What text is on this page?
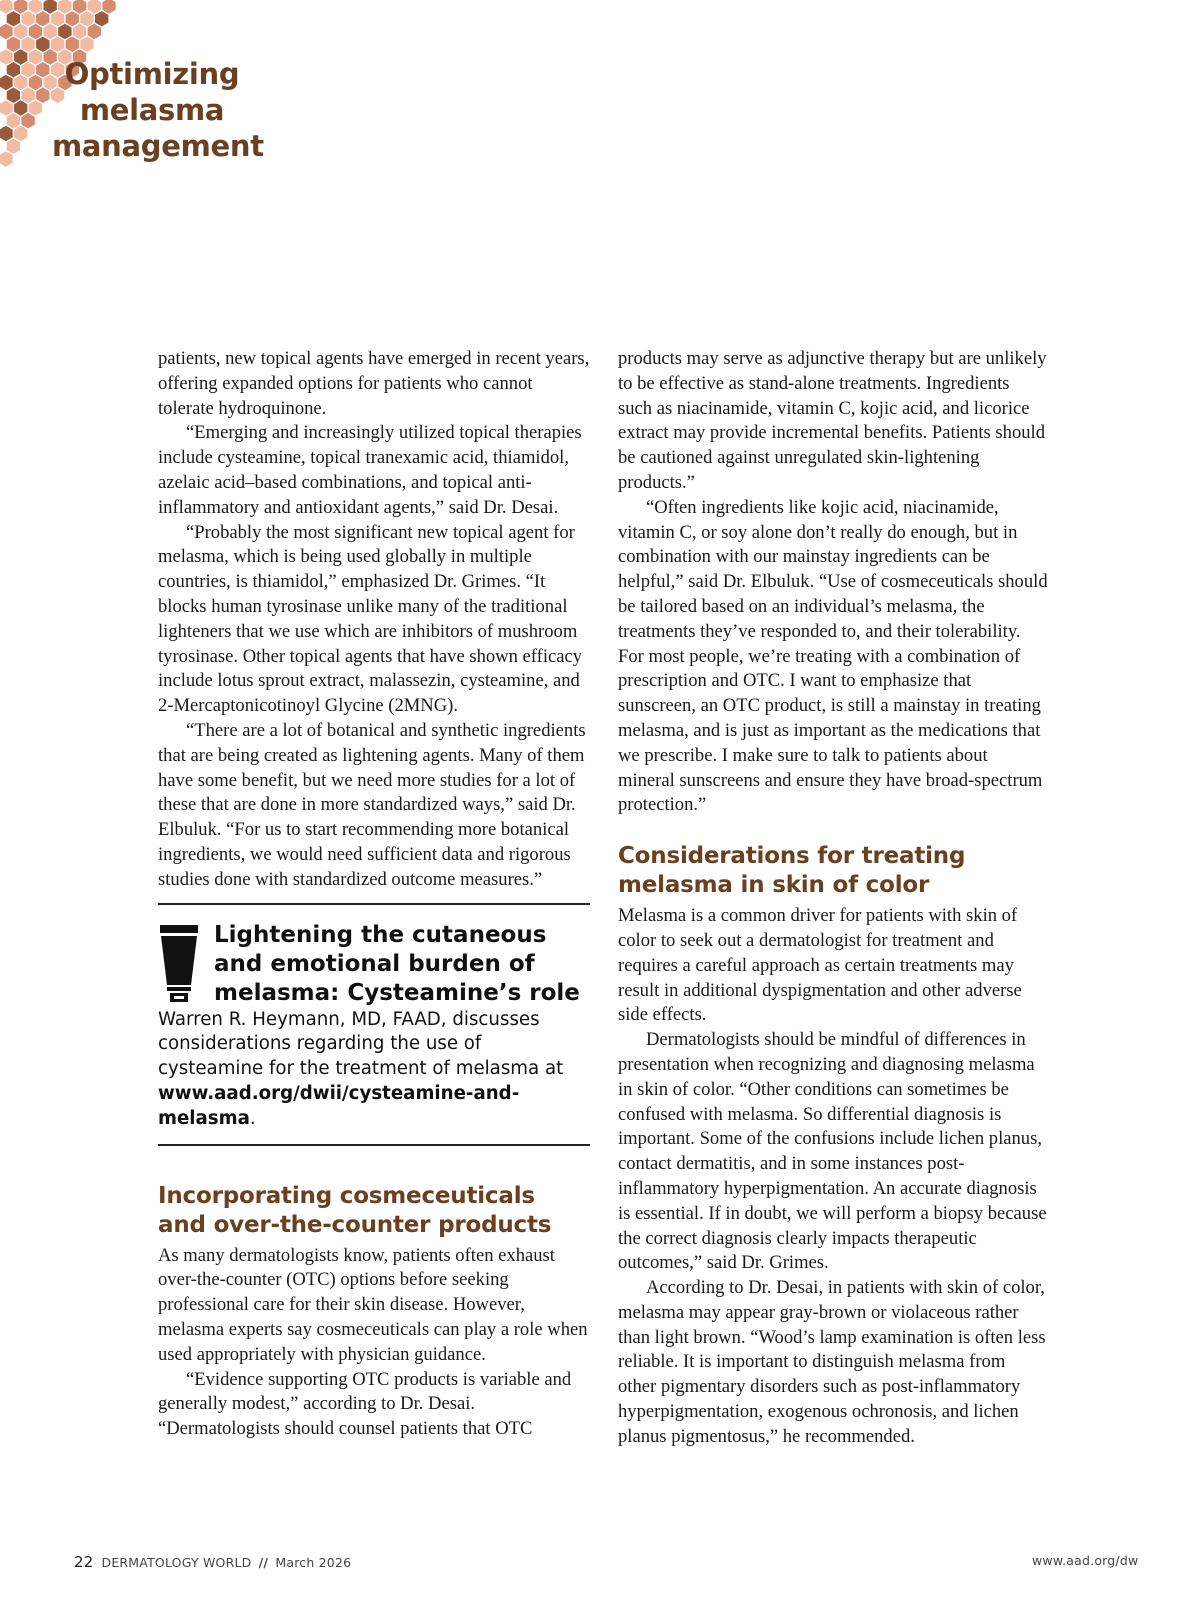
Optimizing
melasma
management

patients, new topical agents have emerged in recent years, offering expanded options for patients who cannot tolerate hydroquinone.

“Emerging and increasingly utilized topical therapies include cysteamine, topical tranexamic acid, thiamidol, azelaic acid–based combinations, and topical anti-inflammatory and antioxidant agents,” said Dr. Desai.

“Probably the most significant new topical agent for melasma, which is being used globally in multiple countries, is thiamidol,” emphasized Dr. Grimes. “It blocks human tyrosinase unlike many of the traditional lighteners that we use which are inhibitors of mushroom tyrosinase. Other topical agents that have shown efficacy include lotus sprout extract, malassezin, cysteamine, and 2-Mercaptonicotinoyl Glycine (2MNG).

“There are a lot of botanical and synthetic ingredients that are being created as lightening agents. Many of them have some benefit, but we need more studies for a lot of these that are done in more standardized ways,” said Dr. Elbuluk. “For us to start recommending more botanical ingredients, we would need sufficient data and rigorous studies done with standardized outcome measures.”

Lightening the cutaneous and emotional burden of melasma: Cysteamine’s role

Warren R. Heymann, MD, FAAD, discusses considerations regarding the use of cysteamine for the treatment of melasma at www.aad.org/dwii/cysteamine-and-melasma.

Incorporating cosmeceuticals and over-the-counter products

As many dermatologists know, patients often exhaust over-the-counter (OTC) options before seeking professional care for their skin disease. However, melasma experts say cosmeceuticals can play a role when used appropriately with physician guidance.

“Evidence supporting OTC products is variable and generally modest,” according to Dr. Desai. “Dermatologists should counsel patients that OTC

products may serve as adjunctive therapy but are unlikely to be effective as stand-alone treatments. Ingredients such as niacinamide, vitamin C, kojic acid, and licorice extract may provide incremental benefits. Patients should be cautioned against unregulated skin-lightening products.”

“Often ingredients like kojic acid, niacinamide, vitamin C, or soy alone don’t really do enough, but in combination with our mainstay ingredients can be helpful,” said Dr. Elbuluk. “Use of cosmeceuticals should be tailored based on an individual’s melasma, the treatments they’ve responded to, and their tolerability. For most people, we’re treating with a combination of prescription and OTC. I want to emphasize that sunscreen, an OTC product, is still a mainstay in treating melasma, and is just as important as the medications that we prescribe. I make sure to talk to patients about mineral sunscreens and ensure they have broad-spectrum protection.”

Considerations for treating melasma in skin of color

Melasma is a common driver for patients with skin of color to seek out a dermatologist for treatment and requires a careful approach as certain treatments may result in additional dyspigmentation and other adverse side effects.

Dermatologists should be mindful of differences in presentation when recognizing and diagnosing melasma in skin of color. “Other conditions can sometimes be confused with melasma. So differential diagnosis is important. Some of the confusions include lichen planus, contact dermatitis, and in some instances post-inflammatory hyperpigmentation. An accurate diagnosis is essential. If in doubt, we will perform a biopsy because the correct diagnosis clearly impacts therapeutic outcomes,” said Dr. Grimes.

According to Dr. Desai, in patients with skin of color, melasma may appear gray-brown or violaceous rather than light brown. “Wood’s lamp examination is often less reliable. It is important to distinguish melasma from other pigmentary disorders such as post-inflammatory hyperpigmentation, exogenous ochronosis, and lichen planus pigmentosus,” he recommended.

22 DERMATOLOGY WORLD // March 2026	www.aad.org/dw
